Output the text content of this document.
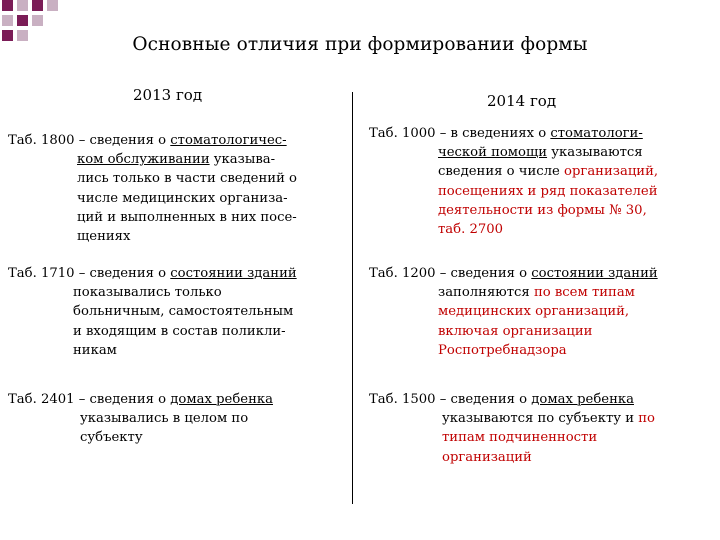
Основные отличия при формировании формы
2013 год	2014 год
Таб. 1800 – сведения о стоматологичес-
ком обслуживании указыва-
лись только в части сведений о
числе медицинских организа-
ций и выполненных в них посе-
щениях
Таб. 1710 – сведения о состоянии зданий
показывались только
больничным, самостоятельным
и входящим в состав поликли-
никам
Таб. 2401 – сведения о домах ребенка
указывались в целом по
субъекту
Таб. 1000 – в сведениях о стоматологи-
ческой помощи указываются
сведения о числе организаций,
посещениях и ряд показателей
деятельности из формы № 30,
таб. 2700
Таб. 1200 – сведения о состоянии зданий
заполняются по всем типам
медицинских организаций,
включая организации
Роспотребнадзора
Таб. 1500 – сведения о домах ребенка
указываются по субъекту и по
типам подчиненности
организаций
